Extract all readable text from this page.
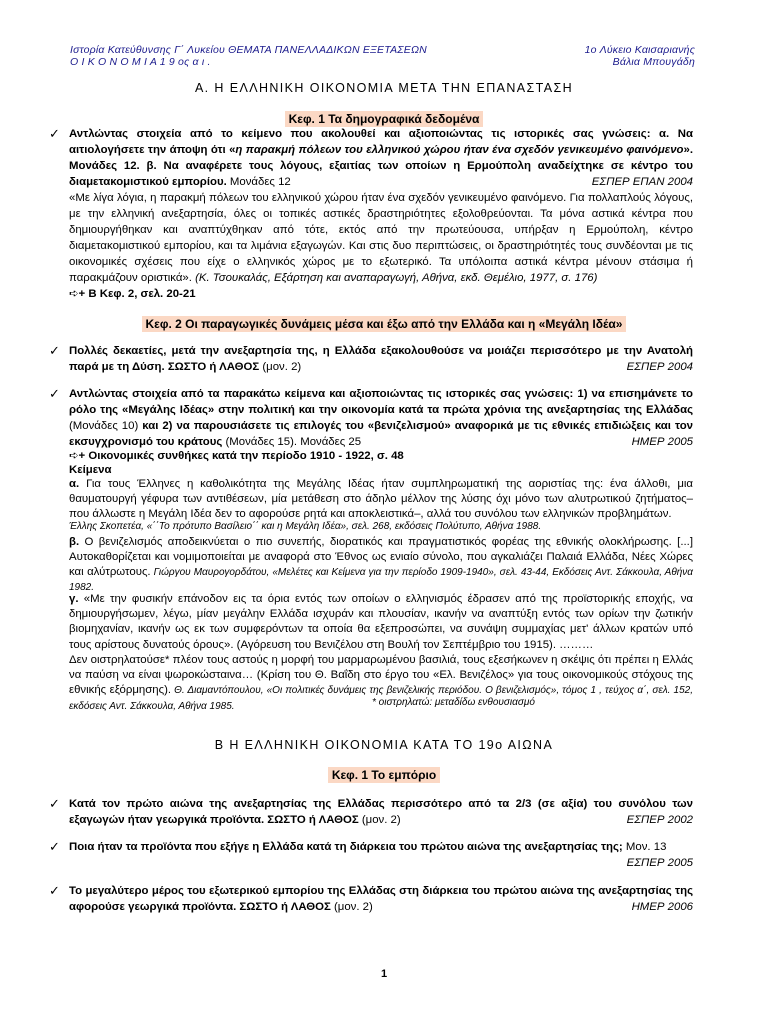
Ιστορία Κατεύθυνσης Γ΄ Λυκείου ΘΕΜΑΤΑ ΠΑΝΕΛΛΑΔΙΚΩΝ ΕΞΕΤΑΣΕΩΝ
Ο Ι Κ Ο Ν Ο Μ Ι Α 1 9 ος α ι .
1ο Λύκειο Καισαριανής
Βάλια Μπουγάδη
Α. Η ΕΛΛΗΝΙΚΗ ΟΙΚΟΝΟΜΙΑ ΜΕΤΑ ΤΗΝ ΕΠΑΝΑΣΤΑΣΗ
Κεφ. 1 Τα δημογραφικά δεδομένα
✓ Αντλώντας στοιχεία από το κείμενο που ακολουθεί και αξιοποιώντας τις ιστορικές σας γνώσεις: α. Να αιτιολογήσετε την άποψη ότι «η παρακμή πόλεων του ελληνικού χώρου ήταν ένα σχεδόν γενικευμένο φαινόμενο». Μονάδες 12. β. Να αναφέρετε τους λόγους, εξαιτίας των οποίων η Ερμούπολη αναδείχτηκε σε κέντρο του διαμετακομιστικού εμπορίου. Μονάδες 12	ΕΣΠΕΡ ΕΠΑΝ 2004
«Με λίγα λόγια, η παρακμή πόλεων του ελληνικού χώρου ήταν ένα σχεδόν γενικευμένο φαινόμενο. Για πολλαπλούς λόγους, με την ελληνική ανεξαρτησία, όλες οι τοπικές αστικές δραστηριότητες εξολοθρεύονται. Τα μόνα αστικά κέντρα που δημιουργήθηκαν και αναπτύχθηκαν από τότε, εκτός από την πρωτεύουσα, υπήρξαν η Ερμούπολη, κέντρο διαμετακομιστικού εμπορίου, και τα λιμάνια εξαγωγών. Και στις δυο περιπτώσεις, οι δραστηριότητές τους συνδέονται με τις οικονομικές σχέσεις που είχε ο ελληνικός χώρος με το εξωτερικό. Τα υπόλοιπα αστικά κέντρα μένουν στάσιμα ή παρακμάζουν οριστικά». (Κ. Τσουκαλάς, Εξάρτηση και αναπαραγωγή, Αθήνα, εκδ. Θεμέλιο, 1977, σ. 176)
➪+ Β Κεφ. 2, σελ. 20-21
Κεφ. 2 Οι παραγωγικές δυνάμεις μέσα και έξω από την Ελλάδα και η «Μεγάλη Ιδέα»
✓ Πολλές δεκαετίες, μετά την ανεξαρτησία της, η Ελλάδα εξακολουθούσε να μοιάζει περισσότερο με την Ανατολή παρά με τη Δύση. ΣΩΣΤΟ ή ΛΑΘΟΣ (μον. 2)	ΕΣΠΕΡ 2004
✓ Αντλώντας στοιχεία από τα παρακάτω κείμενα και αξιοποιώντας τις ιστορικές σας γνώσεις: 1) να επισημάνετε το ρόλο της «Μεγάλης Ιδέας» στην πολιτική και την οικονομία κατά τα πρώτα χρόνια της ανεξαρτησίας της Ελλάδας (Μονάδες 10) και 2) να παρουσιάσετε τις επιλογές του «βενιζελισμού» αναφορικά με τις εθνικές επιδιώξεις και τον εκσυγχρονισμό του κράτους (Μονάδες 15). Μονάδες 25	ΗΜΕΡ 2005
➪+ Οικονομικές συνθήκες κατά την περίοδο 1910 - 1922, σ. 48
Κείμενα
α. Για τους Έλληνες η καθολικότητα της Μεγάλης Ιδέας ήταν συμπληρωματική της αοριστίας της: ένα άλλοθι, μια θαυματουργή γέφυρα των αντιθέσεων, μία μετάθεση στο άδηλο μέλλον της λύσης όχι μόνο των αλυτρωτικού ζητήματος– που άλλωστε η Μεγάλη Ιδέα δεν το αφορούσε ρητά και αποκλειστικά–, αλλά του συνόλου των ελληνικών προβλημάτων.
Έλλης Σκοπετέα, «΄΄Το πρότυπο Βασίλειο΄΄ και η Μεγάλη Ιδέα», σελ. 268, εκδόσεις Πολύτυπο, Αθήνα 1988.
β. Ο βενιζελισμός αποδεικνύεται ο πιο συνεπής, διορατικός και πραγματιστικός φορέας της εθνικής ολοκλήρωσης. [...] Αυτοκαθορίζεται και νομιμοποιείται με αναφορά στο Έθνος ως ενιαίο σύνολο, που αγκαλιάζει Παλαιά Ελλάδα, Νέες Χώρες και αλύτρωτους. Γιώργου Μαυρογορδάτου, «Μελέτες και Κείμενα για την περίοδο 1909-1940», σελ. 43-44, Εκδόσεις Αντ. Σάκκουλα, Αθήνα 1982.
γ. «Με την φυσικήν επάνοδον εις τα όρια εντός των οποίων ο ελληνισμός έδρασεν από της προϊστορικής εποχής, να δημιουργήσωμεν, λέγω, μίαν μεγάλην Ελλάδα ισχυράν και πλουσίαν, ικανήν να αναπτύξη εντός των ορίων την ζωτικήν βιομηχανίαν, ικανήν ως εκ των συμφερόντων τα οποία θα εξεπροσώπει, να συνάψη συμμαχίας μετ' άλλων κρατών υπό τους αρίστους δυνατούς όρους». (Αγόρευση του Βενιζέλου στη Βουλή τον Σεπτέμβριο του 1915). ………
Δεν οιστρηλατούσε* πλέον τους αστούς η μορφή του μαρμαρωμένου βασιλιά, τους εξεσήκωνεν η σκέψις ότι πρέπει η Ελλάς να παύση να είναι ψωροκώσταινα… (Κρίση του Θ. Βαΐδη στο έργο του «Ελ. Βενιζέλος» για τους οικονομικούς στόχους της εθνικής εξόρμησης). Θ. Διαμαντόπουλου, «Οι πολιτικές δυνάμεις της βενιζελικής περιόδου. Ο βενιζελισμός», τόμος 1 , τεύχος α΄, σελ. 152, εκδόσεις Αντ. Σάκκουλα, Αθήνα 1985.	* οιστρηλατώ: μεταδίδω ενθουσιασμό
Β Η ΕΛΛΗΝΙΚΗ ΟΙΚΟΝΟΜΙΑ ΚΑΤΑ ΤΟ 19ο ΑΙΩΝΑ
Κεφ. 1 Το εμπόριο
✓ Κατά τον πρώτο αιώνα της ανεξαρτησίας της Ελλάδας περισσότερο από τα 2/3 (σε αξία) του συνόλου των εξαγωγών ήταν γεωργικά προϊόντα. ΣΩΣΤΟ ή ΛΑΘΟΣ (μον. 2)	ΕΣΠΕΡ 2002
✓ Ποια ήταν τα προϊόντα που εξήγε η Ελλάδα κατά τη διάρκεια του πρώτου αιώνα της ανεξαρτησίας της; Μον. 13
ΕΣΠΕΡ 2005
✓ Το μεγαλύτερο μέρος του εξωτερικού εμπορίου της Ελλάδας στη διάρκεια του πρώτου αιώνα της ανεξαρτησίας της αφορούσε γεωργικά προϊόντα. ΣΩΣΤΟ ή ΛΑΘΟΣ (μον. 2)	ΗΜΕΡ 2006
1
